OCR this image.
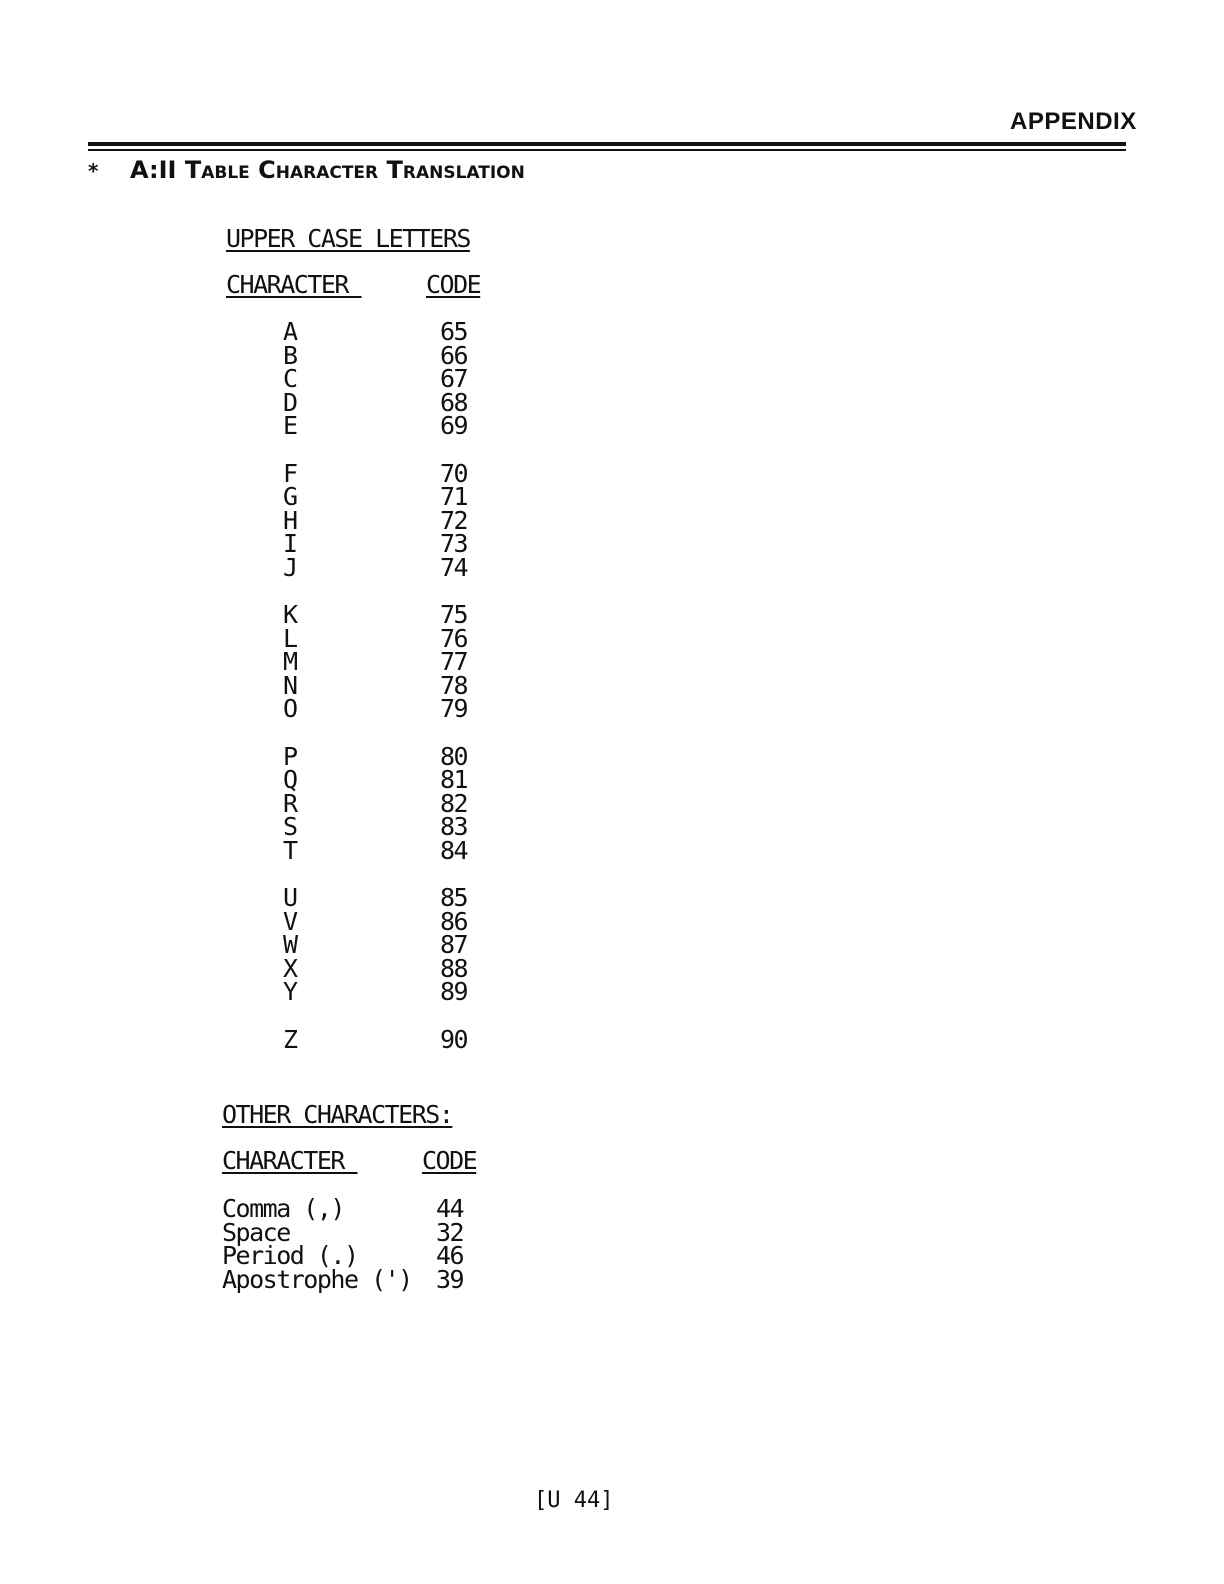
APPENDIX
* A:II Table Character Translation
UPPER CASE LETTERS
CHARACTER	CODE
A	65
B	66
C	67
D	68
E	69
F	70
G	71
H	72
I	73
J	74
K	75
L	76
M	77
N	78
O	79
P	80
Q	81
R	82
S	83
T	84
U	85
V	86
W	87
X	88
Y	89
Z	90
OTHER CHARACTERS:
CHARACTER	CODE
Comma (,)	44
Space	32
Period (.)	46
Apostrophe (') 39
[U 44]
